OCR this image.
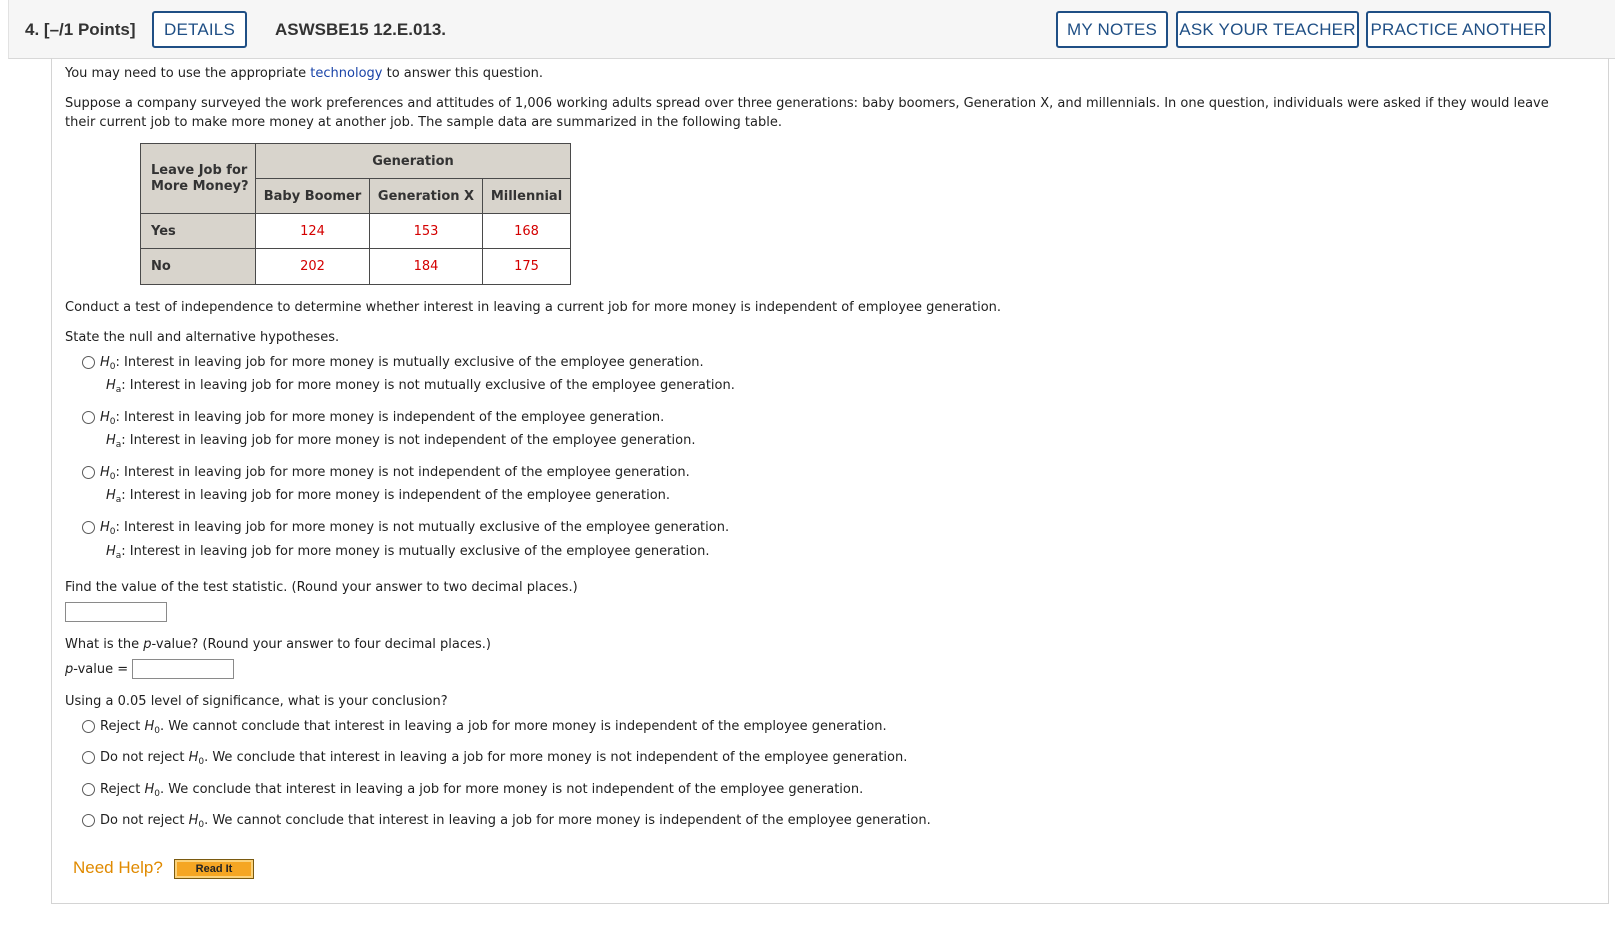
4. [–/1 Points]	DETAILS	ASWSBE15 12.E.013.	MY NOTES	ASK YOUR TEACHER PRACTICE ANOTHER
You may need to use the appropriate technology to answer this question.
Suppose a company surveyed the work preferences and attitudes of 1,006 working adults spread over three generations: baby boomers, Generation X, and millennials. In one question, individuals were asked if they would leave
their current job to make more money at another job. The sample data are summarized in the following table.
Leave Job for
More Money?	Generation		
	Baby Boomer	Generation X	Millennial
Yes	124	153	168
No	202	184	175
Conduct a test of independence to determine whether interest in leaving a current job for more money is independent of employee generation.
State the null and alternative hypotheses.
$H_0$: Interest in leaving job for more money is mutually exclusive of the employee generation.
$H_a$: Interest in leaving job for more money is not mutually exclusive of the employee generation.
$H_0$: Interest in leaving job for more money is independent of the employee generation.
$H_a$: Interest in leaving job for more money is not independent of the employee generation.
$H_0$: Interest in leaving job for more money is not independent of the employee generation.
$H_a$: Interest in leaving job for more money is independent of the employee generation.
$H_0$: Interest in leaving job for more money is not mutually exclusive of the employee generation.
$H_a$: Interest in leaving job for more money is mutually exclusive of the employee generation.
Find the value of the test statistic. (Round your answer to two decimal places.)
What is the p-value? (Round your answer to four decimal places.)
p-value =
Using a 0.05 level of significance, what is your conclusion?
Reject $H_0$. We cannot conclude that interest in leaving a job for more money is independent of the employee generation.
Do not reject $H_0$. We conclude that interest in leaving a job for more money is not independent of the employee generation.
Reject $H_0$. We conclude that interest in leaving a job for more money is not independent of the employee generation.
Do not reject $H_0$. We cannot conclude that interest in leaving a job for more money is independent of the employee generation.
Need Help?	Read It
